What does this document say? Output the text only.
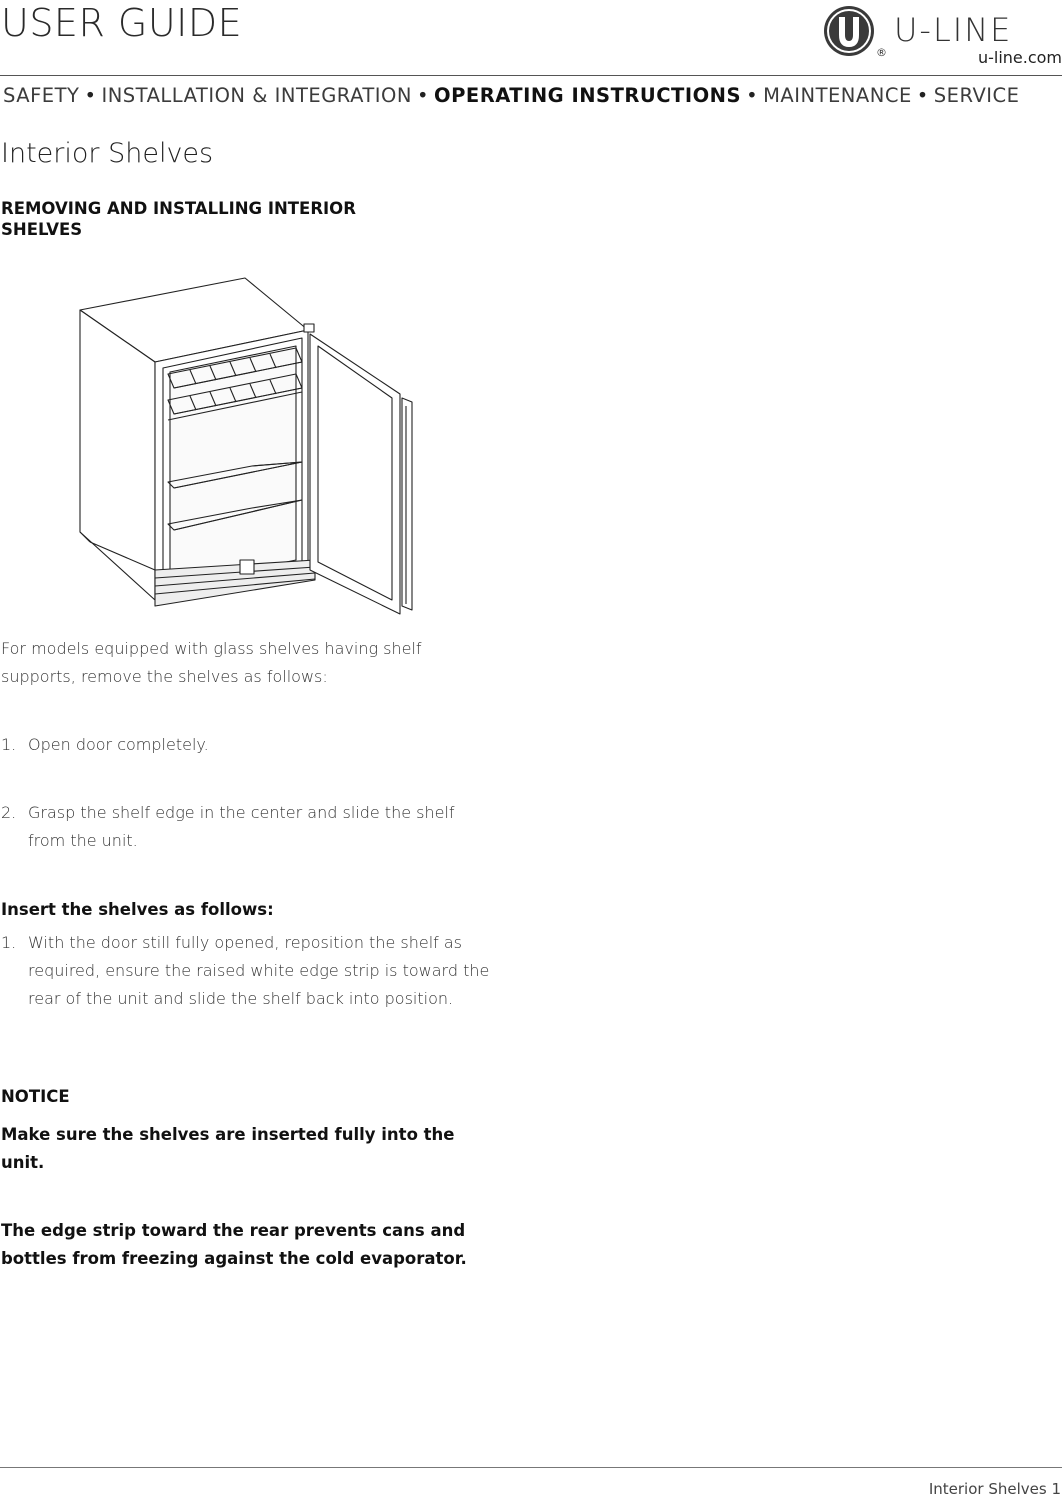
USER GUIDE
®
U-LINE
u-line.com
SAFETY • INSTALLATION & INTEGRATION • OPERATING INSTRUCTIONS • MAINTENANCE • SERVICE
Interior Shelves
REMOVING AND INSTALLING INTERIOR SHELVES
For models equipped with glass shelves having shelf supports, remove the shelves as follows:
1. Open door completely.
2. Grasp the shelf edge in the center and slide the shelf from the unit.
Insert the shelves as follows:
1. With the door still fully opened, reposition the shelf as required, ensure the raised white edge strip is toward the rear of the unit and slide the shelf back into position.
NOTICE
Make sure the shelves are inserted fully into the unit.
The edge strip toward the rear prevents cans and bottles from freezing against the cold evaporator.
Interior Shelves 1
